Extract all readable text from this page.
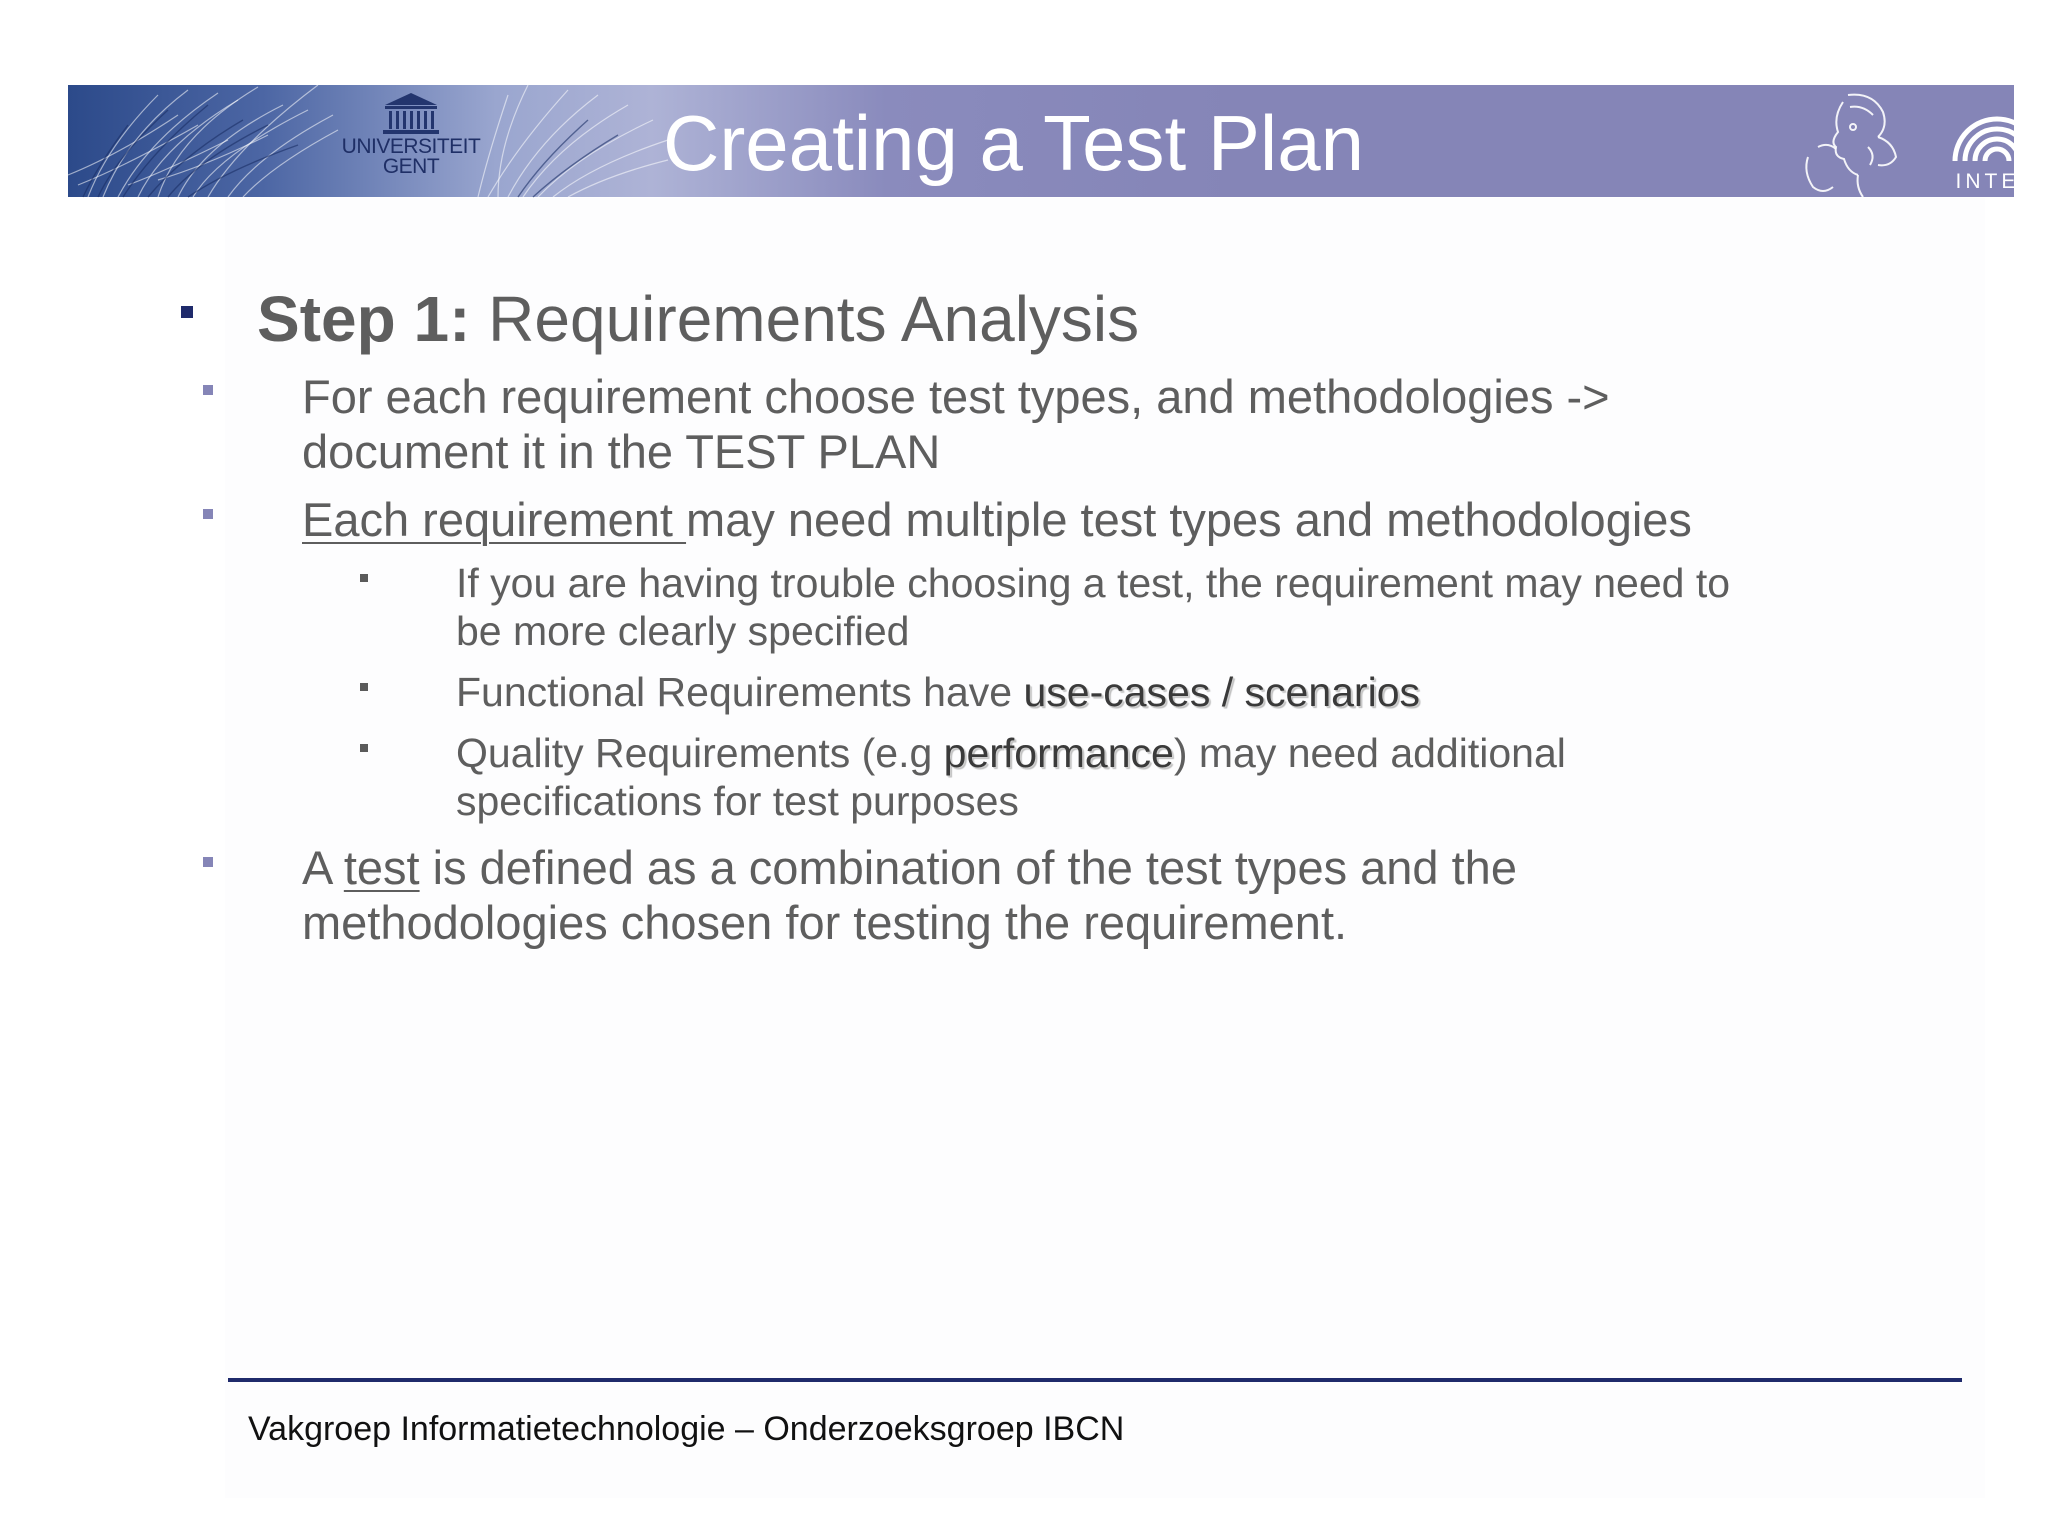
UNIVERSITEIT
GENT	Creating a Test Plan	INTEC
Step 1: Requirements Analysis
For each requirement choose test types, and methodologies ->
document it in the TEST PLAN
Each requirement may need multiple test types and methodologies
If you are having trouble choosing a test, the requirement may need to
be more clearly specified
Functional Requirements have use-cases / scenarios
Quality Requirements (e.g performance) may need additional
specifications for test purposes
A test is defined as a combination of the test types and the
methodologies chosen for testing the requirement.
Vakgroep Informatietechnologie – Onderzoeksgroep IBCN
